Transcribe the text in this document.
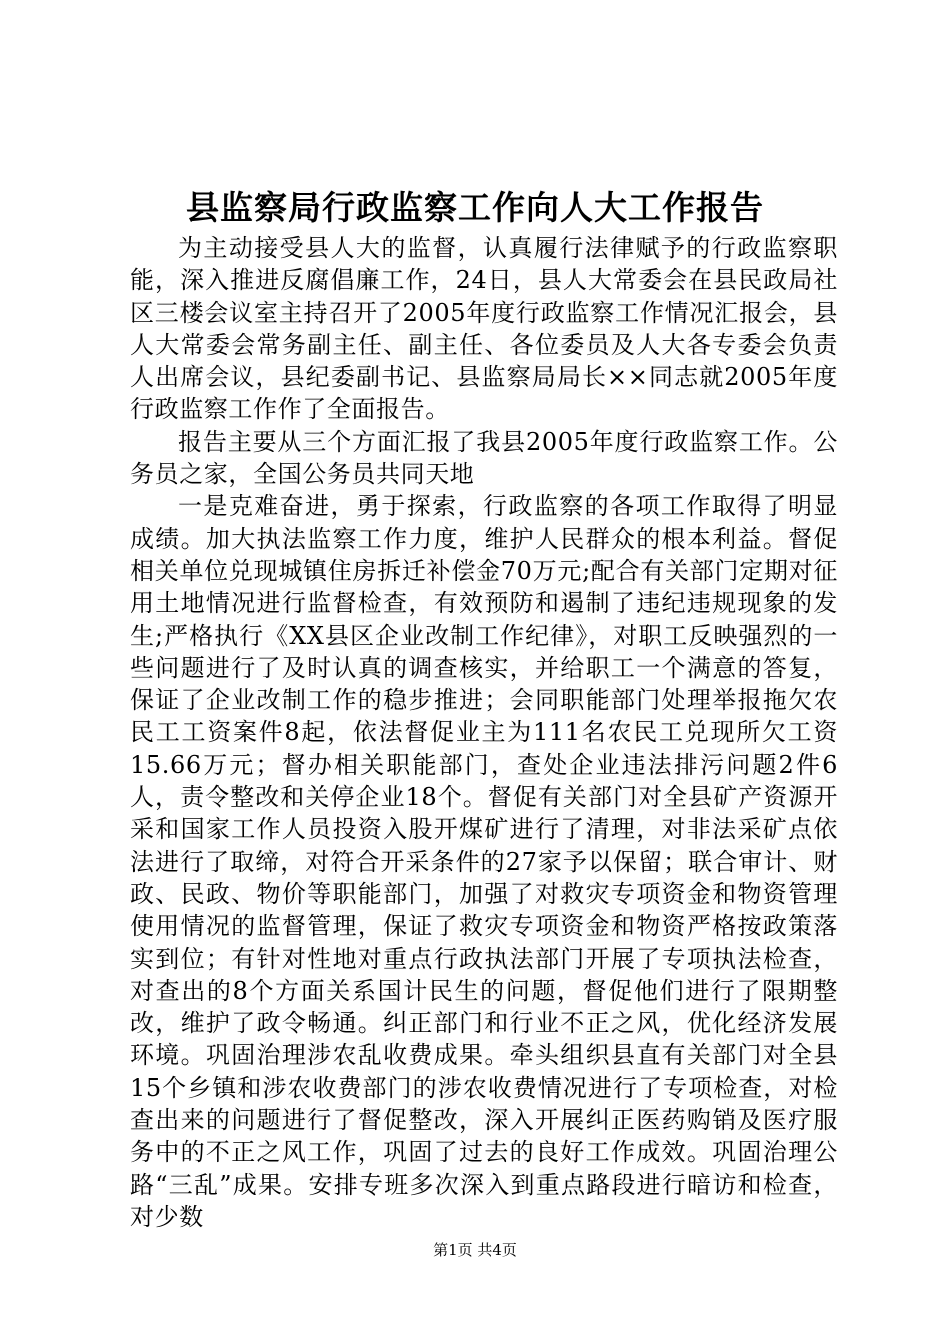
县监察局行政监察工作向人大工作报告

为主动接受县人大的监督，认真履行法律赋予的行政监察职能，深入推进反腐倡廉工作，24日，县人大常委会在县民政局社区三楼会议室主持召开了2005年度行政监察工作情况汇报会，县人大常委会常务副主任、副主任、各位委员及人大各专委会负责人出席会议，县纪委副书记、县监察局局长××同志就2005年度行政监察工作作了全面报告。

报告主要从三个方面汇报了我县2005年度行政监察工作。公务员之家，全国公务员共同天地

一是克难奋进，勇于探索，行政监察的各项工作取得了明显成绩。加大执法监察工作力度，维护人民群众的根本利益。督促相关单位兑现城镇住房拆迁补偿金70万元;配合有关部门定期对征用土地情况进行监督检查，有效预防和遏制了违纪违规现象的发生;严格执行《XX县区企业改制工作纪律》，对职工反映强烈的一些问题进行了及时认真的调查核实，并给职工一个满意的答复，保证了企业改制工作的稳步推进；会同职能部门处理举报拖欠农民工工资案件8起，依法督促业主为111名农民工兑现所欠工资15.66万元；督办相关职能部门，查处企业违法排污问题2件6人，责令整改和关停企业18个。督促有关部门对全县矿产资源开采和国家工作人员投资入股开煤矿进行了清理，对非法采矿点依法进行了取缔，对符合开采条件的27家予以保留；联合审计、财政、民政、物价等职能部门，加强了对救灾专项资金和物资管理使用情况的监督管理，保证了救灾专项资金和物资严格按政策落实到位；有针对性地对重点行政执法部门开展了专项执法检查，对查出的8个方面关系国计民生的问题，督促他们进行了限期整改，维护了政令畅通。纠正部门和行业不正之风，优化经济发展环境。巩固治理涉农乱收费成果。牵头组织县直有关部门对全县15个乡镇和涉农收费部门的涉农收费情况进行了专项检查，对检查出来的问题进行了督促整改，深入开展纠正医药购销及医疗服务中的不正之风工作，巩固了过去的良好工作成效。巩固治理公路“三乱”成果。安排专班多次深入到重点路段进行暗访和检查，对少数

第1页 共4页
